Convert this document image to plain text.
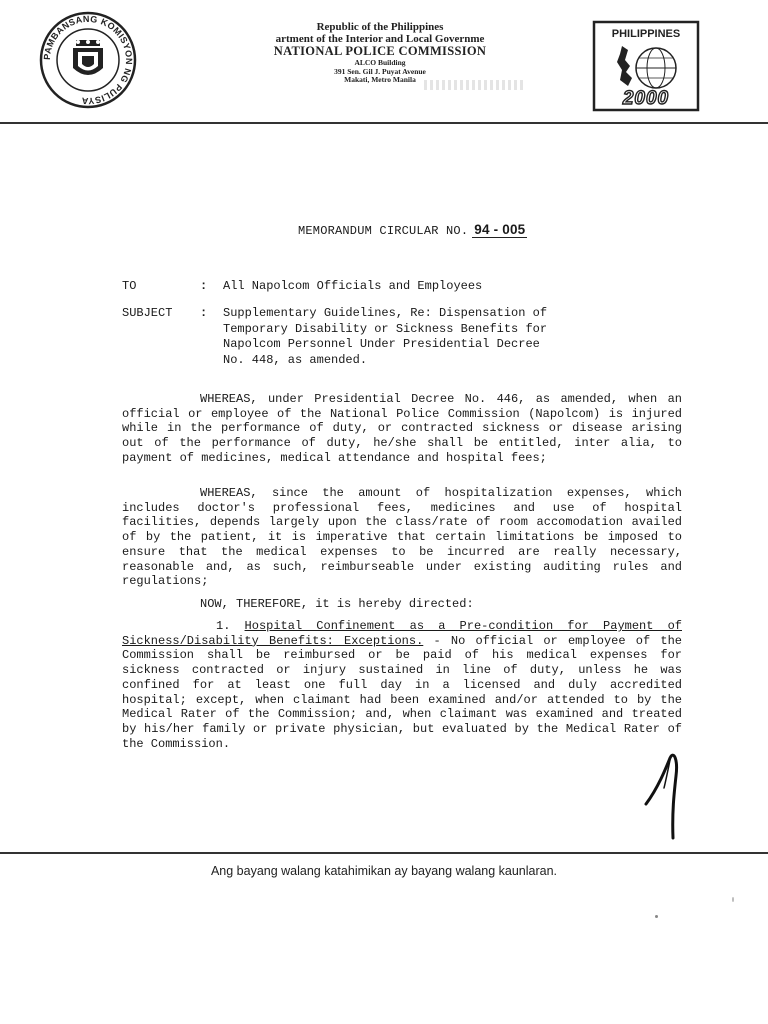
PAMBANSANG KOMISYON NG PULISYA
Republic of the Philippines
artment of the Interior and Local Governme
NATIONAL POLICE COMMISSION
ALCO Building
391 Sen. Gil J. Puyat Avenue
Makati, Metro Manila
PHILIPPINES
2000
MEMORANDUM CIRCULAR NO. 94 - 005
TO	: All Napolcom Officials and Employees
SUBJECT : Supplementary Guidelines, Re: Dispensation of Temporary Disability or Sickness Benefits for Napolcom Personnel Under Presidential Decree No. 448, as amended.
WHEREAS, under Presidential Decree No. 446, as amended, when an official or employee of the National Police Commission (Napolcom) is injured while in the performance of duty, or contracted sickness or disease arising out of the performance of duty, he/she shall be entitled, inter alia, to payment of medicines, medical attendance and hospital fees;
WHEREAS, since the amount of hospitalization expenses, which includes doctor's professional fees, medicines and use of hospital facilities, depends largely upon the class/rate of room accomodation availed of by the patient, it is imperative that certain limitations be imposed to ensure that the medical expenses to be incurred are really necessary, reasonable and, as such, reimburseable under existing auditing rules and regulations;
NOW, THEREFORE, it is hereby directed:
1. Hospital Confinement as a Pre-condition for Payment of Sickness/Disability Benefits: Exceptions. - No official or employee of the Commission shall be reimbursed or be paid of his medical expenses for sickness contracted or injury sustained in line of duty, unless he was confined for at least one full day in a licensed and duly accredited hospital; except, when claimant had been examined and/or attended to by the Medical Rater of the Commission; and, when claimant was examined and treated by his/her family or private physician, but evaluated by the Medical Rater of the Commission.
Ang bayang walang katahimikan ay bayang walang kaunlaran.
